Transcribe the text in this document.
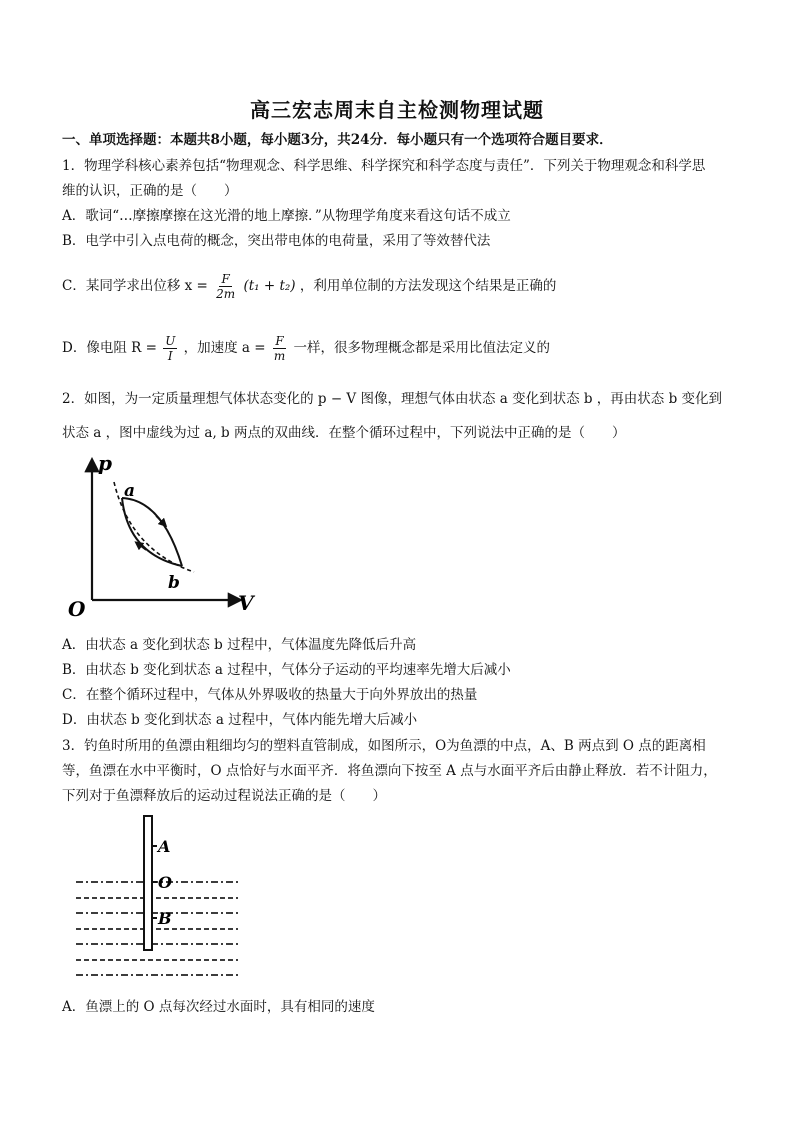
高三宏志周末自主检测物理试题
一、单项选择题：本题共8小题，每小题3分，共24分．每小题只有一个选项符合题目要求．
1．物理学科核心素养包括“物理观念、科学思维、科学探究和科学态度与责任”．下列关于物理观念和科学思
维的认识，正确的是（　　）
A．歌词“…摩擦摩擦在这光滑的地上摩擦．”从物理学角度来看这句话不成立
B．电学中引入点电荷的概念，突出带电体的电荷量，采用了等效替代法
C．某同学求出位移 $x = \frac{F}{2m} (t_1 + t_2)$ ，利用单位制的方法发现这个结果是正确的
D．像电阻 $R = \frac{U}{I}$ ，加速度 $a = \frac{F}{m}$ 一样，很多物理概念都是采用比值法定义的
2．如图，为一定质量理想气体状态变化的 p − V 图像，理想气体由状态 a 变化到状态 b ，再由状态 b 变化到
状态 a ，图中虚线为过 a, b 两点的双曲线．在整个循环过程中，下列说法中正确的是（　　）
p
V
O
a
b
A．由状态 a 变化到状态 b 过程中，气体温度先降低后升高
B．由状态 b 变化到状态 a 过程中，气体分子运动的平均速率先增大后减小
C．在整个循环过程中，气体从外界吸收的热量大于向外界放出的热量
D．由状态 b 变化到状态 a 过程中，气体内能先增大后减小
3．钓鱼时所用的鱼漂由粗细均匀的塑料直管制成，如图所示，O为鱼漂的中点，A、B 两点到 O 点的距离相
等，鱼漂在水中平衡时，O 点恰好与水面平齐．将鱼漂向下按至 A 点与水面平齐后由静止释放．若不计阻力，
下列对于鱼漂释放后的运动过程说法正确的是（　　）
A
O
B
A．鱼漂上的 O 点每次经过水面时，具有相同的速度
